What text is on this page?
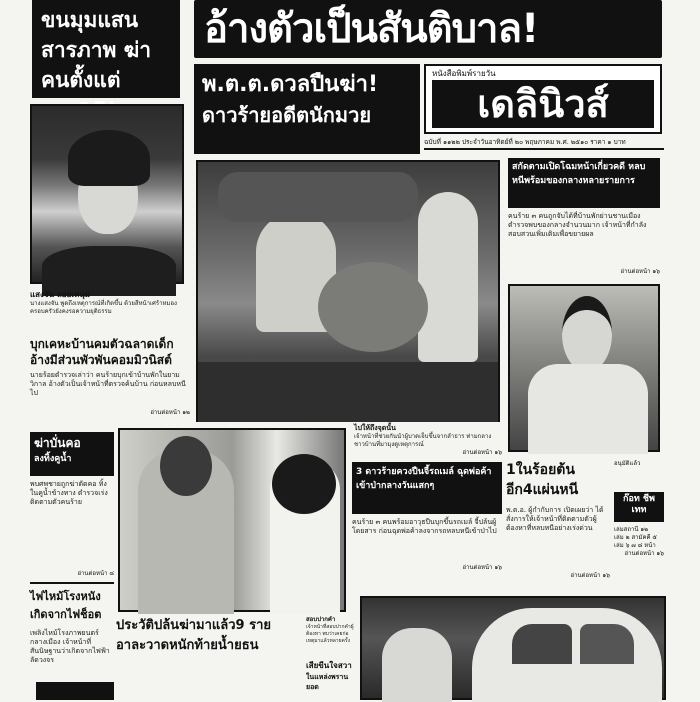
ขนมุมแสน สารภาพ ฆ่าคนตั้งแต่
อ้างตัวเป็นสันติบาล!
พ.ต.ต.ดวลปืนฆ่า!
ดาวร้ายอดีตนักมวย
หนังสือพิมพ์รายวัน
เดลินิวส์
ฉบับที่ ๑๑๒๒ ประจำวันอาทิตย์ที่ ๒๐ พฤษภาคม พ.ศ. ๒๕๑๐ ราคา ๑ บาท
แสงจัน ลอยเหนุ่ม
นางแสงจัน พูดถึงเหตุการณ์ที่เกิดขึ้น ด้วยสีหน้าเศร้าหมอง ครอบครัวยังคงรอความยุติธรรม
บุกเคหะบ้านคมตัวฉลาดเด็ก อ้างมีส่วนพัวพันคอมมิวนิสต์
นายร้อยตำรวจเล่าว่า คนร้ายบุกเข้าบ้านพักในยามวิกาล อ้างตัวเป็นเจ้าหน้าที่ตรวจค้นบ้าน ก่อนหลบหนีไป
อ่านต่อหน้า ๑๒
สกัดตามเปิดโฉมหน้าเกี่ยวคดี หลบหนีพร้อมของกลางหลายรายการ
คนร้าย ๓ คนถูกจับได้ที่บ้านพักย่านชานเมือง ตำรวจพบของกลางจำนวนมาก เจ้าหน้าที่กำลังสอบสวนเพิ่มเติมเพื่อขยายผล
อ่านต่อหน้า ๑๖
ไปให้ถึงจุดนั้น
เจ้าหน้าที่ช่วยกันนำผู้บาดเจ็บขึ้นจากลำธาร ท่ามกลางชาวบ้านที่มามุงดูเหตุการณ์
อ่านต่อหน้า ๑๖
ฆ่าบั่นคอ
ลงทิ้งคูน้ำ
พบศพชายถูกฆ่าตัดคอ ทิ้งในคูน้ำข้างทาง ตำรวจเร่งติดตามตัวคนร้าย
อ่านต่อหน้า ๘
ไฟไหม้โรงหนัง เกิดจากไฟช็อต
เพลิงไหม้โรงภาพยนตร์กลางเมือง เจ้าหน้าที่สันนิษฐานว่าเกิดจากไฟฟ้าลัดวงจร
3 ดาวร้ายควงปืนจี้รถเมล์ ฉุดพ่อค้าเข้าป่ากลางวันแสกๆ
คนร้าย ๓ คนพร้อมอาวุธปืนบุกขึ้นรถเมล์ จี้ปล้นผู้โดยสาร ก่อนฉุดพ่อค้าลงจากรถหลบหนีเข้าป่าไป
อ่านต่อหน้า ๑๖
1ในร้อยต้นอีก4แผ่นหนี
พ.ต.อ. ผู้กำกับการ เปิดเผยว่า ได้สั่งการให้เจ้าหน้าที่ติดตามตัวผู้ต้องหาที่หลบหนีอย่างเร่งด่วน
อ่านต่อหน้า ๑๖
อนุมัติแล้ว
ก๊อท ชีพเทท
เล่มสถานี ๑๒
เล่ม ๒ สามัคคี ๕
เล่ม ๖ ๗ ๘ หน้า
อ่านต่อหน้า ๑๖
ประวัติปล้นฆ่ามาแล้ว9 ราย อาละวาดหนักท้ายน้ำยธน
สอบปากคำ
เจ้าหน้าที่สอบปากคำผู้ต้องหา พบว่าเคยก่อเหตุมาแล้วหลายครั้ง
เสียขีนใจสวา
ในแหล่งพรานยอด
